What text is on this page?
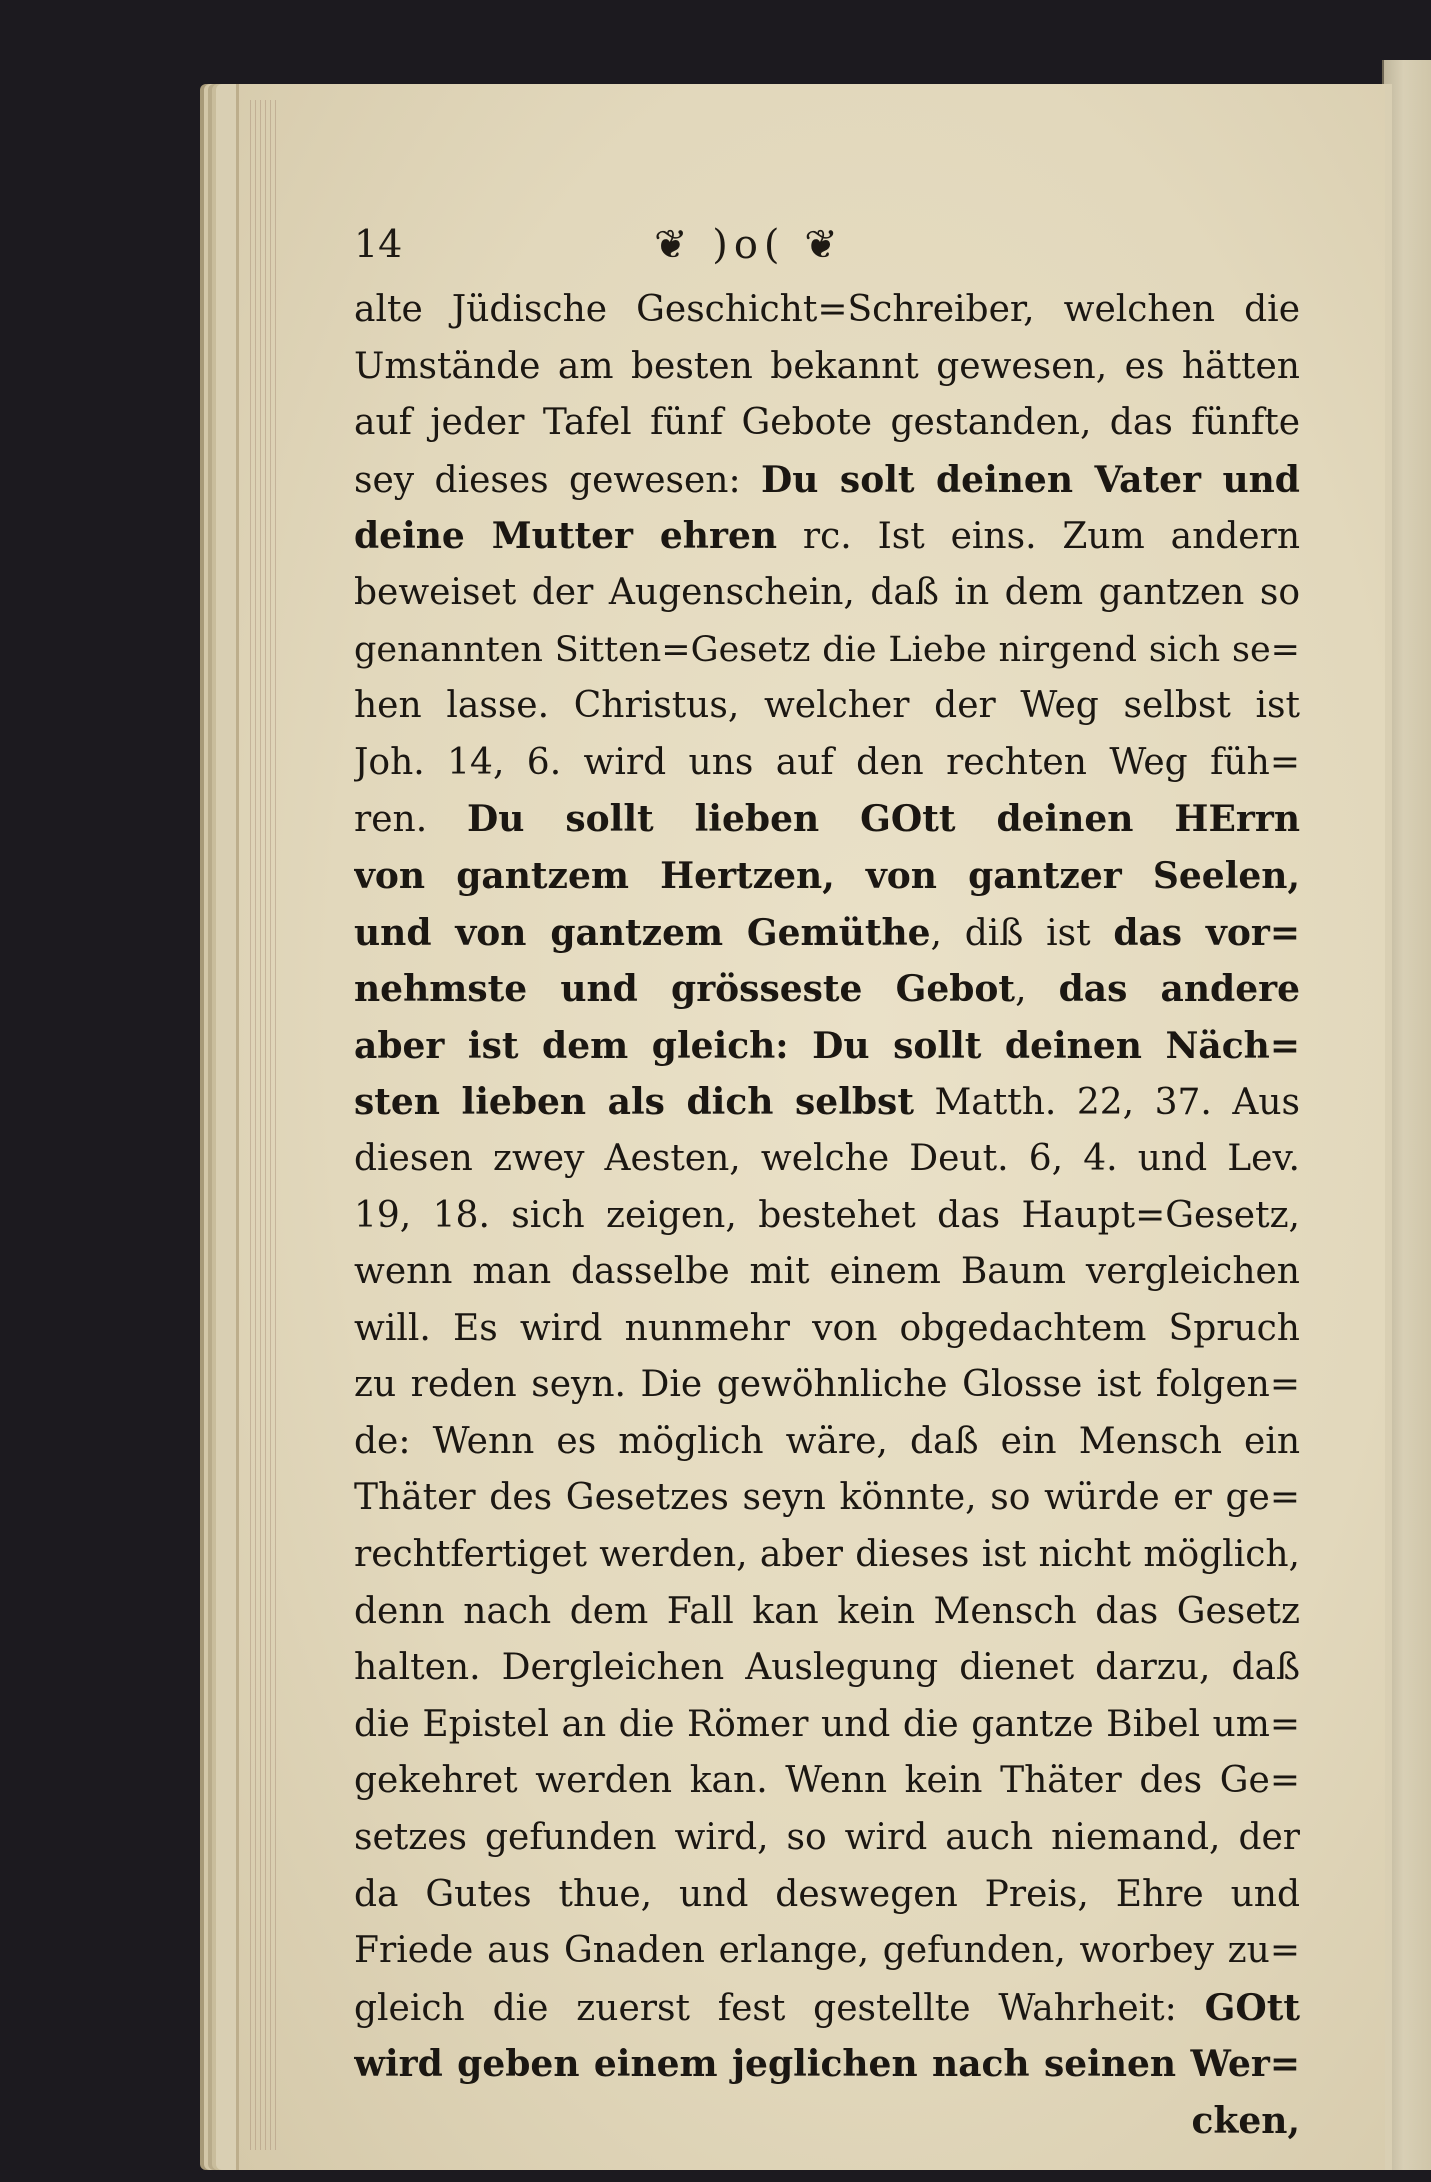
14	❦ )o( ❦
alte Jüdische Geschicht=Schreiber, welchen die
Umstände am besten bekannt gewesen, es hätten
auf jeder Tafel fünf Gebote gestanden, das fünfte
sey dieses gewesen: Du solt deinen Vater und
deine Mutter ehren rc. Ist eins. Zum andern
beweiset der Augenschein, daß in dem gantzen so
genannten Sitten=Gesetz die Liebe nirgend sich se=
hen lasse. Christus, welcher der Weg selbst ist
Joh. 14, 6. wird uns auf den rechten Weg füh=
ren. Du sollt lieben GOtt deinen HErrn
von gantzem Hertzen, von gantzer Seelen,
und von gantzem Gemüthe, diß ist das vor=
nehmste und grösseste Gebot, das andere
aber ist dem gleich: Du sollt deinen Näch=
sten lieben als dich selbst Matth. 22, 37. Aus
diesen zwey Aesten, welche Deut. 6, 4. und Lev.
19, 18. sich zeigen, bestehet das Haupt=Gesetz,
wenn man dasselbe mit einem Baum vergleichen
will. Es wird nunmehr von obgedachtem Spruch
zu reden seyn. Die gewöhnliche Glosse ist folgen=
de: Wenn es möglich wäre, daß ein Mensch ein
Thäter des Gesetzes seyn könnte, so würde er ge=
rechtfertiget werden, aber dieses ist nicht möglich,
denn nach dem Fall kan kein Mensch das Gesetz
halten. Dergleichen Auslegung dienet darzu, daß
die Epistel an die Römer und die gantze Bibel um=
gekehret werden kan. Wenn kein Thäter des Ge=
setzes gefunden wird, so wird auch niemand, der
da Gutes thue, und deswegen Preis, Ehre und
Friede aus Gnaden erlange, gefunden, worbey zu=
gleich die zuerst fest gestellte Wahrheit: GOtt
wird geben einem jeglichen nach seinen Wer=
cken,
